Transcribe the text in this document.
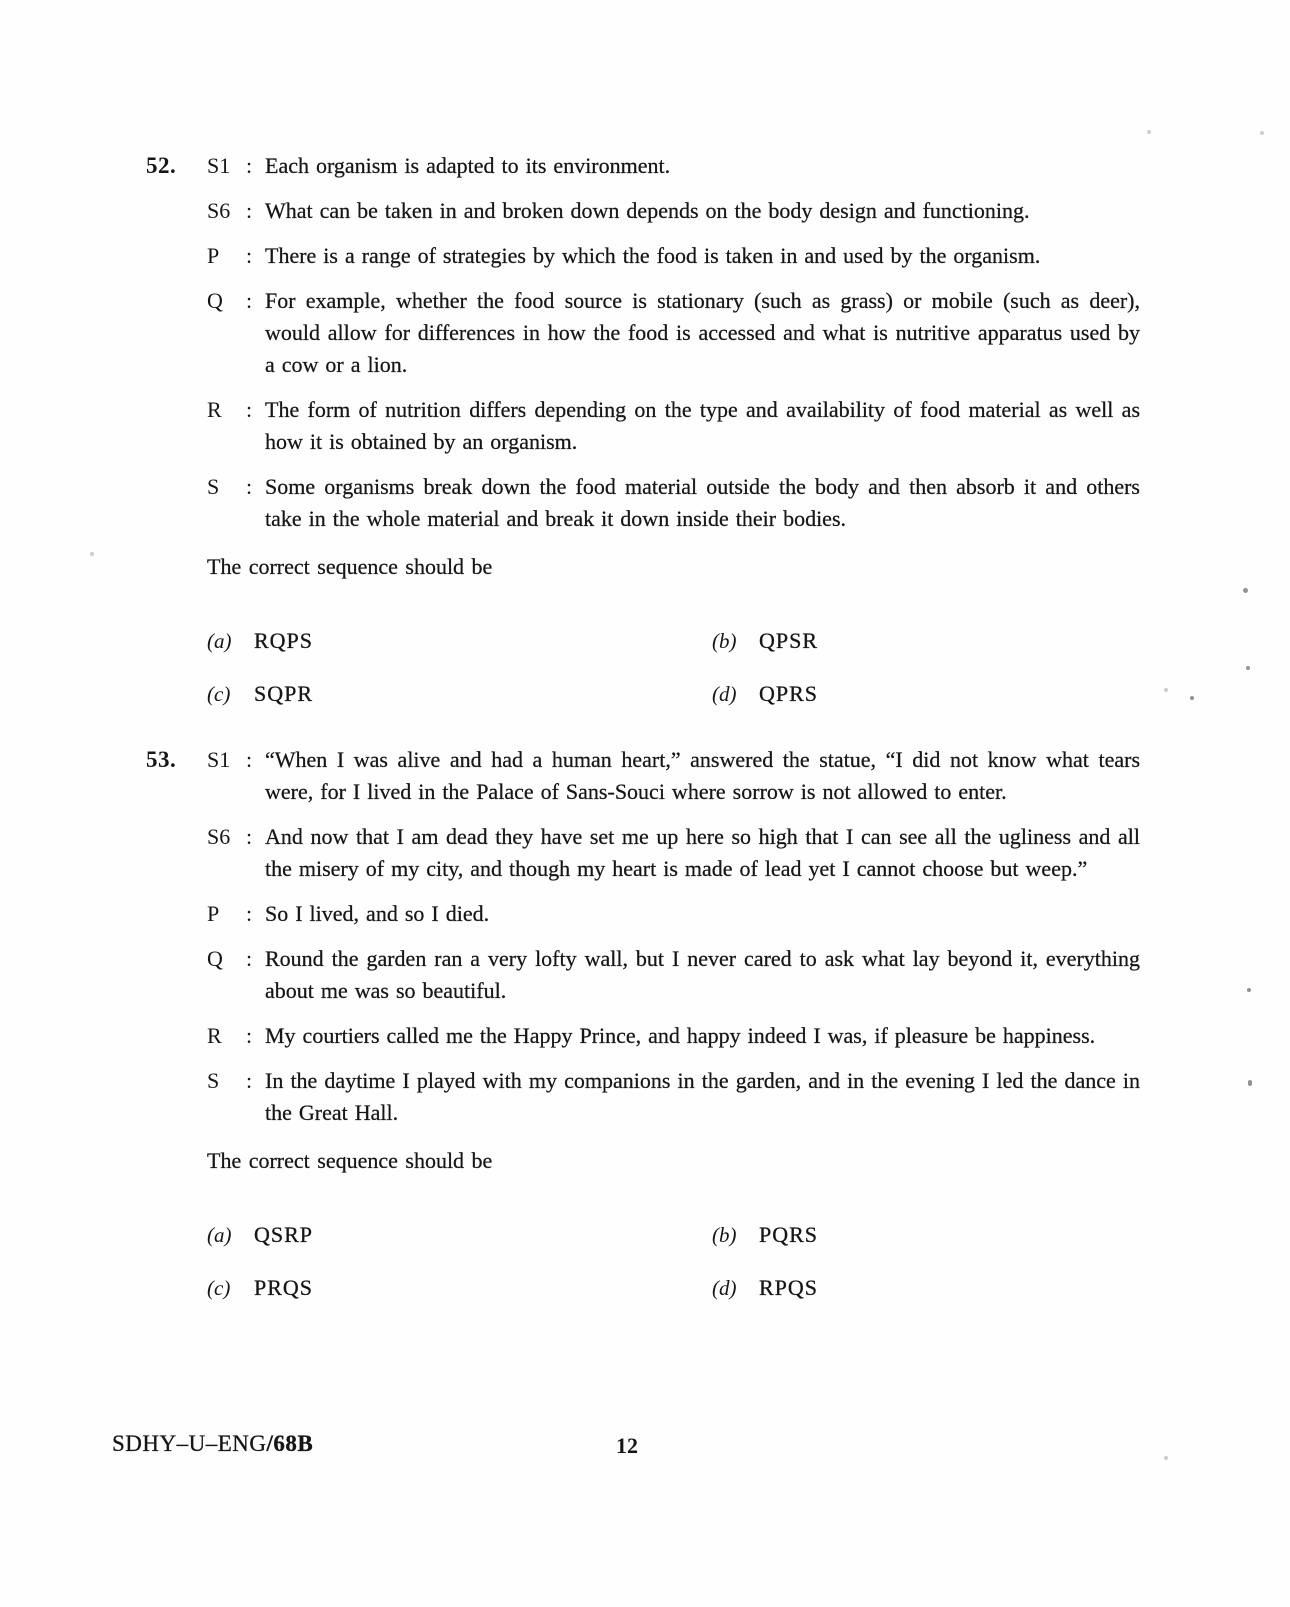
52. S1 : Each organism is adapted to its environment.

S6 : What can be taken in and broken down depends on the body design and functioning.

P	: There is a range of strategies by which the food is taken in and used by the organism.

Q	: For example, whether the food source is stationary (such as grass) or mobile (such as deer), would allow for differences in how the food is accessed and what is nutritive apparatus used by a cow or a lion.

R	: The form of nutrition differs depending on the type and availability of food material as well as how it is obtained by an organism.

S	: Some organisms break down the food material outside the body and then absorb it and others take in the whole material and break it down inside their bodies.

The correct sequence should be

(a)	RQPS	(b)	QPSR
(c)	SQPR	(d)	QPRS
53. S1 : “When I was alive and had a human heart,” answered the statue, “I did not know what tears were, for I lived in the Palace of Sans-Souci where sorrow is not allowed to enter.

S6 : And now that I am dead they have set me up here so high that I can see all the ugliness and all the misery of my city, and though my heart is made of lead yet I cannot choose but weep.”

P	: So I lived, and so I died.

Q	: Round the garden ran a very lofty wall, but I never cared to ask what lay beyond it, everything about me was so beautiful.

R	: My courtiers called me the Happy Prince, and happy indeed I was, if pleasure be happiness.

S	: In the daytime I played with my companions in the garden, and in the evening I led the dance in the Great Hall.

The correct sequence should be

(a)	QSRP	(b)	PQRS
(c)	PRQS	(d)	RPQS
SDHY–U–ENG/68B	12
